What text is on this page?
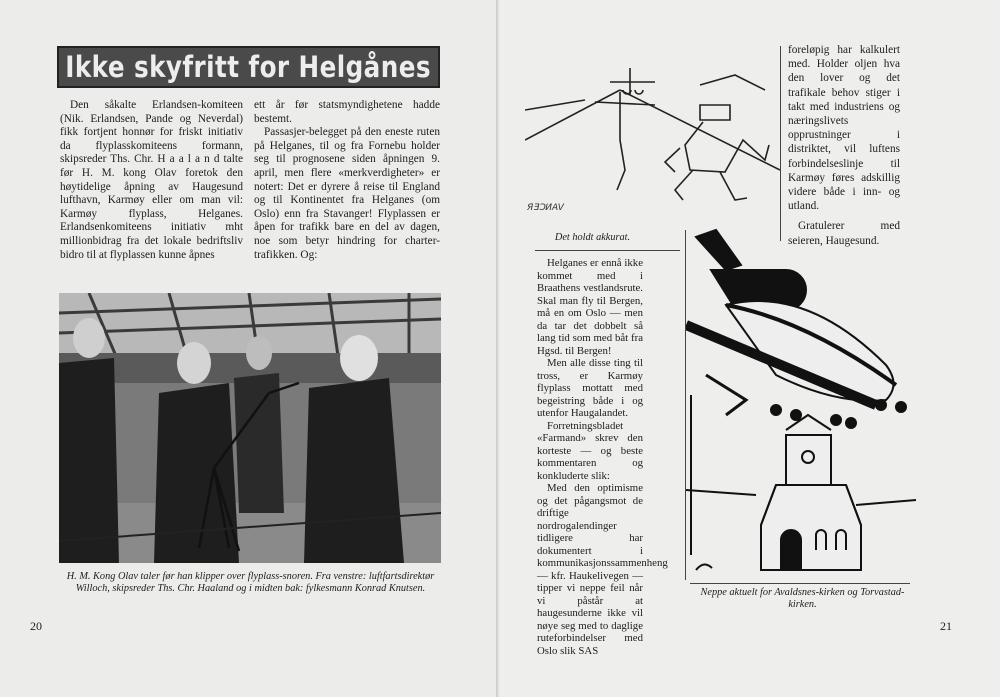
Ikke skyfritt for Helgånes

Den såkalte Erlandsen-komiteen (Nik. Erlandsen, Pande og Neverdal) fikk fortjent honnør for friskt initiativ da flyplasskomiteens formann, skipsreder Ths. Chr. H a a l a n d talte før H. M. kong Olav foretok den høytidelige åpning av Haugesund lufthavn, Karmøy eller om man vil: Karmøy flyplass, Helganes. Erlandsenkomiteens initiativ mht millionbidrag fra det lokale bedriftsliv bidro til at flyplassen kunne åpnes

ett år før statsmyndighetene hadde bestemt.

Passasjer-belegget på den eneste ruten på Helganes, til og fra Fornebu holder seg til prognosene siden åpningen 9. april, men flere «merkverdigheter» er notert: Det er dyrere å reise til England og til Kontinentet fra Helganes (om Oslo) enn fra Stavanger! Flyplassen er åpen for trafikk bare en del av dagen, noe som betyr hindring for charter-trafikken. Og:

H. M. Kong Olav taler før han klipper over flyplass-snoren. Fra venstre: luftfartsdirektør Willoch, skipsreder Ths. Chr. Haaland og i midten bak: fylkesmann Konrad Knutsen.
20
ЯƎƆИAV
Det holdt akkurat.

foreløpig har kalkulert med. Holder oljen hva den lover og det trafikale behov stiger i takt med industriens og næringslivets opprustninger i distriktet, vil luftens forbindelseslinje til Karmøy føres adskillig videre både i inn- og utland.

Gratulerer med seieren, Haugesund.

Helganes er ennå ikke kommet med i Braathens vestlandsrute. Skal man fly til Bergen, må en om Oslo — men da tar det dobbelt så lang tid som med båt fra Hgsd. til Bergen!

Men alle disse ting til tross, er Karmøy flyplass mottatt med begeistring både i og utenfor Haugalandet.

Forretningsbladet «Farmand» skrev den korteste — og beste kommentaren og konkluderte slik:

Med den optimisme og det pågangsmot de driftige nordrogalendinger tidligere har dokumentert i kommunikasjonssammenheng — kfr. Haukelivegen — tipper vi neppe feil når vi påstår at haugesunderne ikke vil nøye seg med to daglige ruteforbindelser med Oslo slik SAS

Neppe aktuelt for Avaldsnes-kirken og Torvastad-kirken.
21
